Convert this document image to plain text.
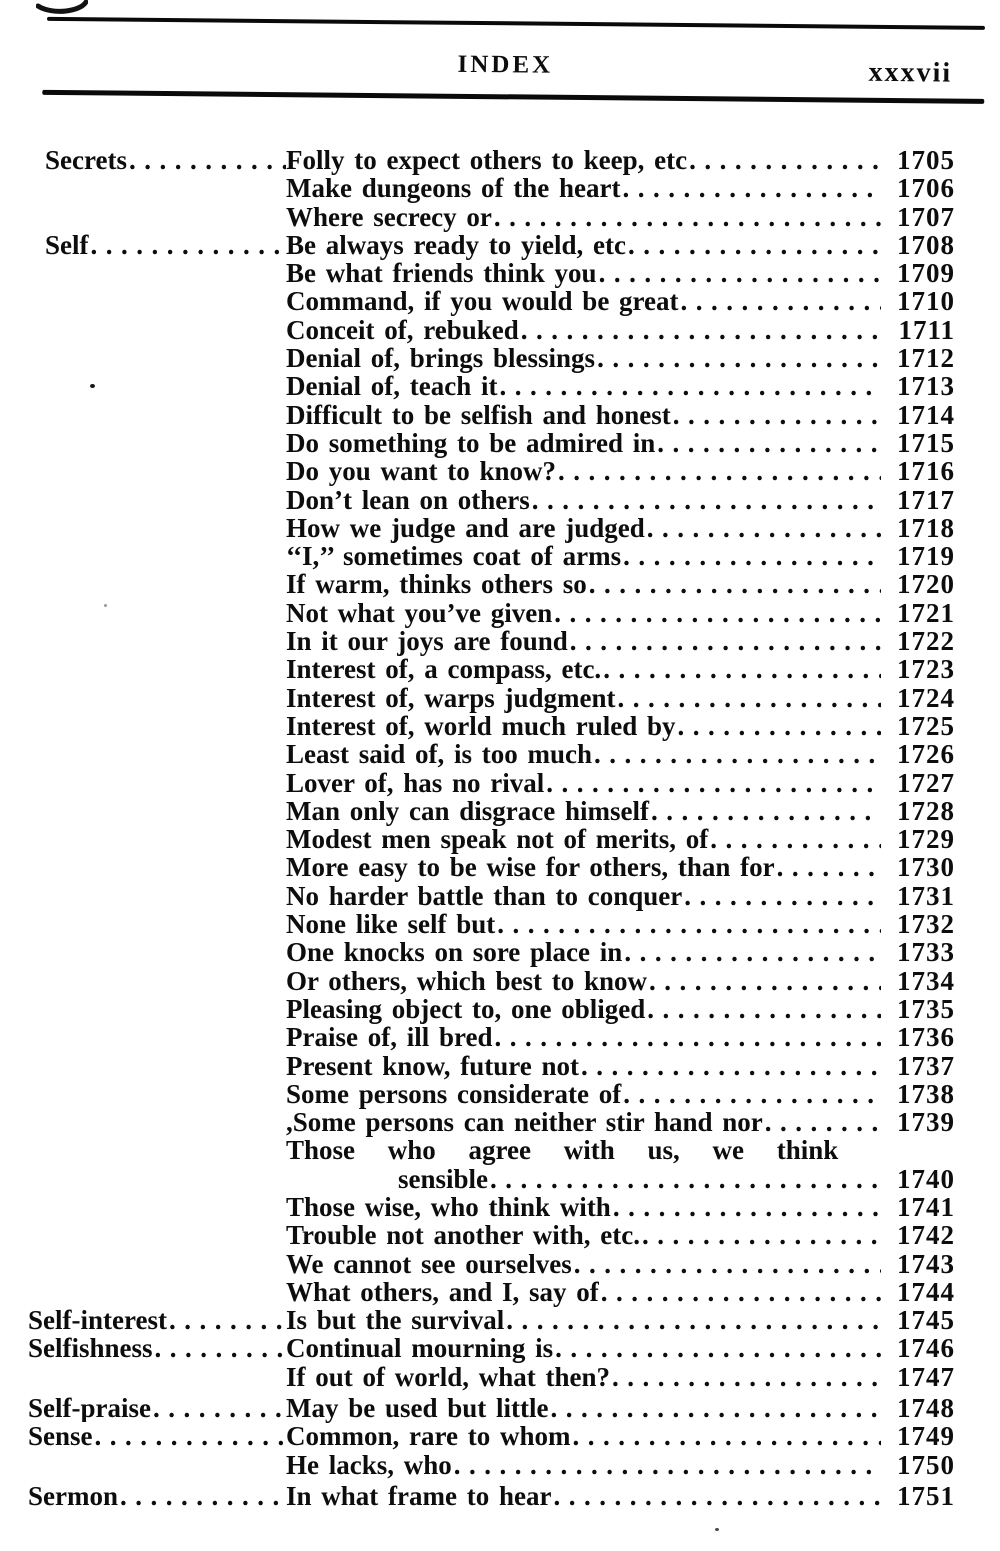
INDEX	xxxvii
Secrets .....	Folly to expect others to keep, etc .....	1705
Make dungeons of the heart .....	1706
Where secrecy or .....	1707
Self .....	Be always ready to yield, etc .....	1708
Be what friends think you .....	1709
Command, if you would be great .....	1710
Conceit of, rebuked .....	1711
Denial of, brings blessings .....	1712
Denial of, teach it .....	1713
Difficult to be selfish and honest .....	1714
Do something to be admired in .....	1715
Do you want to know? .....	1716
Don’t lean on others .....	1717
How we judge and are judged .....	1718
‘‘I,’’ sometimes coat of arms .....	1719
If warm, thinks others so .....	1720
Not what you’ve given .....	1721
In it our joys are found .....	1722
Interest of, a compass, etc. .....	1723
Interest of, warps judgment .....	1724
Interest of, world much ruled by .....	1725
Least said of, is too much .....	1726
Lover of, has no rival .....	1727
Man only can disgrace himself .....	1728
Modest men speak not of merits, of .....	1729
More easy to be wise for others, than for .....	1730
No harder battle than to conquer .....	1731
None like self but .....	1732
One knocks on sore place in .....	1733
Or others, which best to know .....	1734
Pleasing object to, one obliged .....	1735
Praise of, ill bred .....	1736
Present know, future not .....	1737
Some persons considerate of .....	1738
,Some persons can neither stir hand nor .....	1739
Those who agree with us, we think
sensible .....	1740
Those wise, who think with .....	1741
Trouble not another with, etc. .....	1742
We cannot see ourselves .....	1743
What others, and I, say of .....	1744
Self-interest .....	Is but the survival .....	1745
Selfishness .....	Continual mourning is .....	1746
If out of world, what then? .....	1747
Self-praise .....	May be used but little .....	1748
Sense .....	Common, rare to whom .....	1749
He lacks, who .....	1750
Sermon .....	In what frame to hear .....	1751
